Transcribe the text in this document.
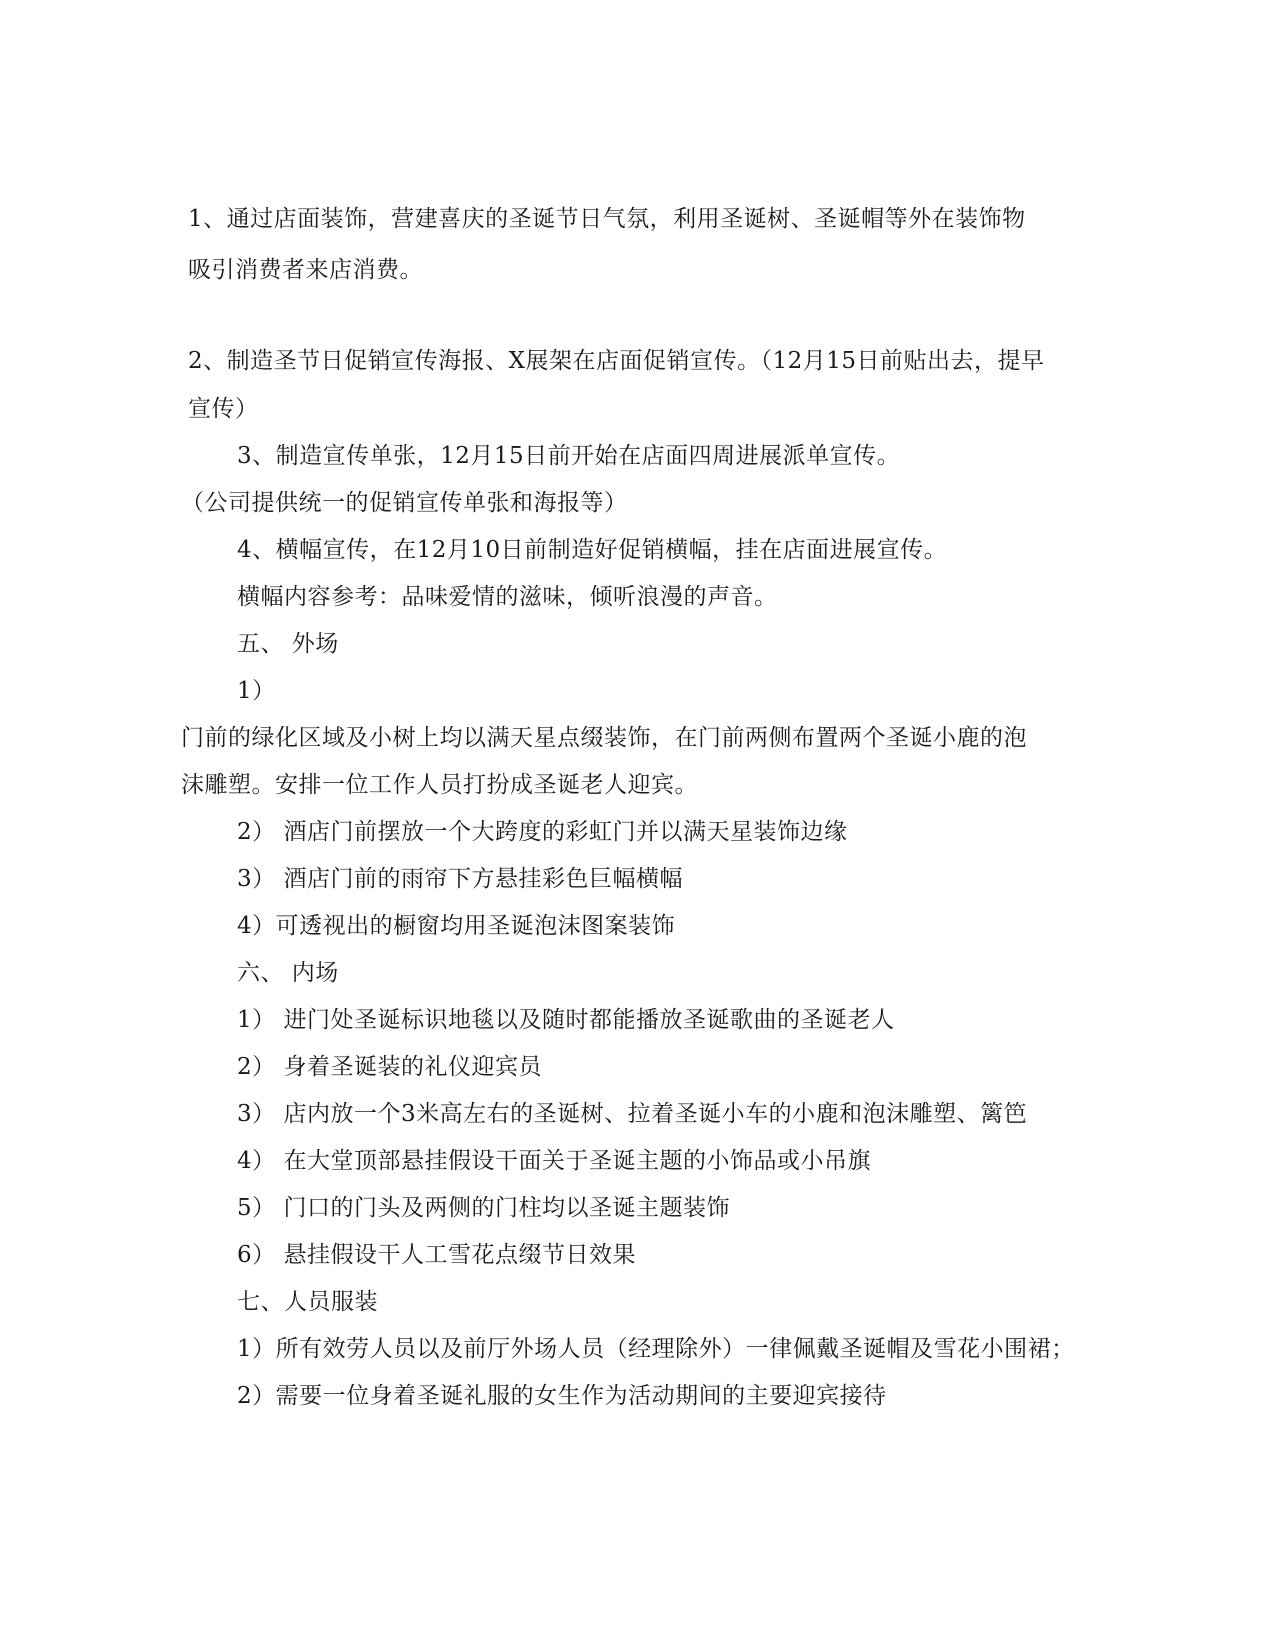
1、通过店面装饰，营建喜庆的圣诞节日气氛，利用圣诞树、圣诞帽等外在装饰物
吸引消费者来店消费。
2、制造圣节日促销宣传海报、X展架在店面促销宣传。（12月15日前贴出去，提早
宣传）
3、制造宣传单张，12月15日前开始在店面四周进展派单宣传。
（公司提供统一的促销宣传单张和海报等）
4、横幅宣传，在12月10日前制造好促销横幅，挂在店面进展宣传。
横幅内容参考：品味爱情的滋味，倾听浪漫的声音。
五、 外场
1）
门前的绿化区域及小树上均以满天星点缀装饰，在门前两侧布置两个圣诞小鹿的泡
沫雕塑。安排一位工作人员打扮成圣诞老人迎宾。
2） 酒店门前摆放一个大跨度的彩虹门并以满天星装饰边缘
3） 酒店门前的雨帘下方悬挂彩色巨幅横幅
4）可透视出的橱窗均用圣诞泡沫图案装饰
六、 内场
1） 进门处圣诞标识地毯以及随时都能播放圣诞歌曲的圣诞老人
2） 身着圣诞装的礼仪迎宾员
3） 店内放一个3米高左右的圣诞树、拉着圣诞小车的小鹿和泡沫雕塑、篱笆
4） 在大堂顶部悬挂假设干面关于圣诞主题的小饰品或小吊旗
5） 门口的门头及两侧的门柱均以圣诞主题装饰
6） 悬挂假设干人工雪花点缀节日效果
七、人员服装
1）所有效劳人员以及前厅外场人员（经理除外）一律佩戴圣诞帽及雪花小围裙；
2）需要一位身着圣诞礼服的女生作为活动期间的主要迎宾接待
